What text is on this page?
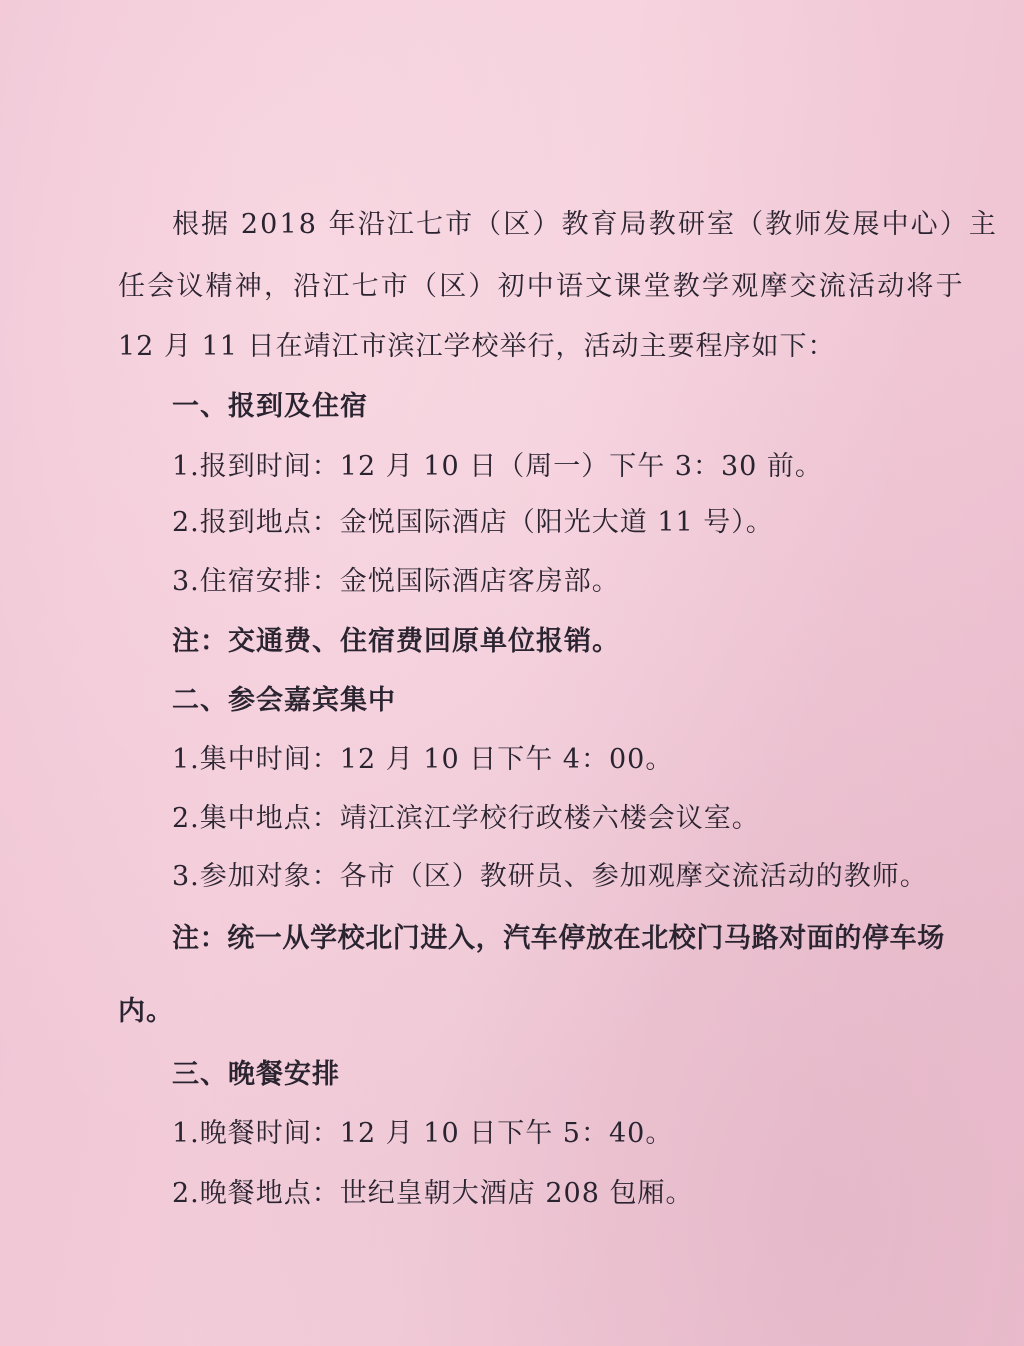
根据 2018 年沿江七市（区）教育局教研室（教师发展中心）主
任会议精神，沿江七市（区）初中语文课堂教学观摩交流活动将于
12 月 11 日在靖江市滨江学校举行，活动主要程序如下：
一、报到及住宿
1.报到时间：12 月 10 日（周一）下午 3：30 前。
2.报到地点：金悦国际酒店（阳光大道 11 号）。
3.住宿安排：金悦国际酒店客房部。
注：交通费、住宿费回原单位报销。
二、参会嘉宾集中
1.集中时间：12 月 10 日下午 4：00。
2.集中地点：靖江滨江学校行政楼六楼会议室。
3.参加对象：各市（区）教研员、参加观摩交流活动的教师。
注：统一从学校北门进入，汽车停放在北校门马路对面的停车场
内。
三、晚餐安排
1.晚餐时间：12 月 10 日下午 5：40。
2.晚餐地点：世纪皇朝大酒店 208 包厢。
